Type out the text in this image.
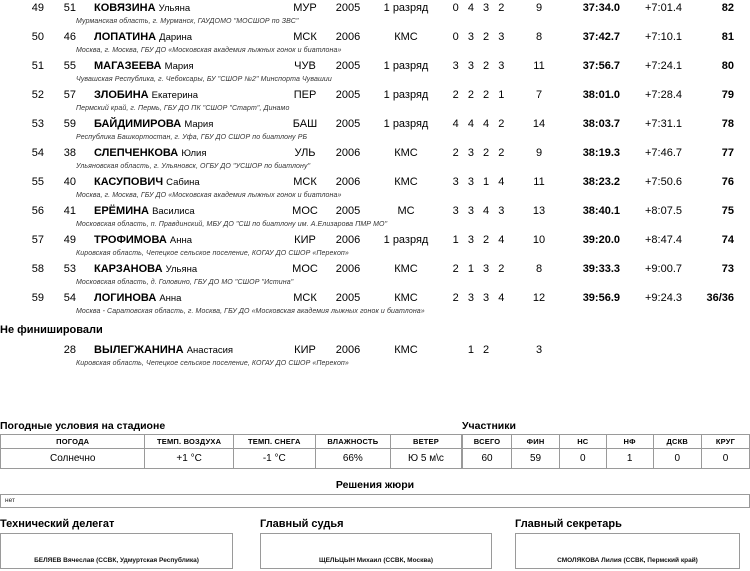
49	51	КОВЯЗИНА Ульяна	МУР	2005	1 разряд	0 4 3 2	9	37:34.0	+7:01.4	82
Мурманская область, г. Мурманск, ГАУДОМО "МОСШОР по ЗВС"
50	46	ЛОПАТИНА Дарина	МСК	2006	КМС	0 3 2 3	8	37:42.7	+7:10.1	81
Москва, г. Москва, ГБУ ДО «Московская академия лыжных гонок и биатлона»
51	55	МАГАЗЕЕВА Мария	ЧУВ	2005	1 разряд	3 3 2 3	11	37:56.7	+7:24.1	80
Чувашская Республика, г. Чебоксары, БУ "СШОР №2" Минспорта Чувашии
52	57	ЗЛОБИНА Екатерина	ПЕР	2005	1 разряд	2 2 2 1	7	38:01.0	+7:28.4	79
Пермский край, г. Пермь, ГБУ ДО ПК "СШОР "Старт", Динамо
53	59	БАЙДИМИРОВА Мария	БАШ	2005	1 разряд	4 4 4 2	14	38:03.7	+7:31.1	78
Республика Башкортостан, г. Уфа, ГБУ ДО СШОР по биатлону РБ
54	38	СЛЕПЧЕНКОВА Юлия	УЛЬ	2006	КМС	2 3 2 2	9	38:19.3	+7:46.7	77
Ульяновская область, г. Ульяновск, ОГБУ ДО "УСШОР по биатлону"
55	40	КАСУПОВИЧ Сабина	МСК	2006	КМС	3 3 1 4	11	38:23.2	+7:50.6	76
Москва, г. Москва, ГБУ ДО «Московская академия лыжных гонок и биатлона»
56	41	ЕРЁМИНА Василиса	МОС	2005	МС	3 3 4 3	13	38:40.1	+8:07.5	75
Московская область, п. Правдинский, МБУ ДО "СШ по биатлону им. А.Елизарова ПМР МО"
57	49	ТРОФИМОВА Анна	КИР	2006	1 разряд	1 3 2 4	10	39:20.0	+8:47.4	74
Кировская область, Чепецкое сельское поселение, КОГАУ ДО СШОР «Перекоп»
58	53	КАРЗАНОВА Ульяна	МОС	2006	КМС	2 1 3 2	8	39:33.3	+9:00.7	73
Московская область, д. Головино, ГБУ ДО МО "СШОР "Истина"
59	54	ЛОГИНОВА Анна	МСК	2005	КМС	2 3 3 4	12	39:56.9	+9:24.3	36/36
Москва - Саратовская область, г. Москва, ГБУ ДО «Московская академия лыжных гонок и биатлона»
Не финишировали
28	ВЫЛЕГЖАНИНА Анастасия	КИР	2006	КМС	1 2	3
Кировская область, Чепецкое сельское поселение, КОГАУ ДО СШОР «Перекоп»
Погодные условия на стадионе
ПОГОДА	ТЕМП. ВОЗДУХА	ТЕМП. СНЕГА	ВЛАЖНОСТЬ	ВЕТЕР
Солнечно	+1 °C	-1 °C	66%	Ю 5 м\с
Участники
ВСЕГО	ФИН	НС	НФ	ДСКВ	КРУГ
60	59	0	1	0	0
Решения жюри
нет
Технический делегат
БЕЛЯЕВ Вячеслав (ССВК, Удмуртская Республика)
Главный судья
ЩЕЛЬЦЫН Михаил (ССВК, Москва)
Главный секретарь
СМОЛЯКОВА Лилия (ССВК, Пермский край)
